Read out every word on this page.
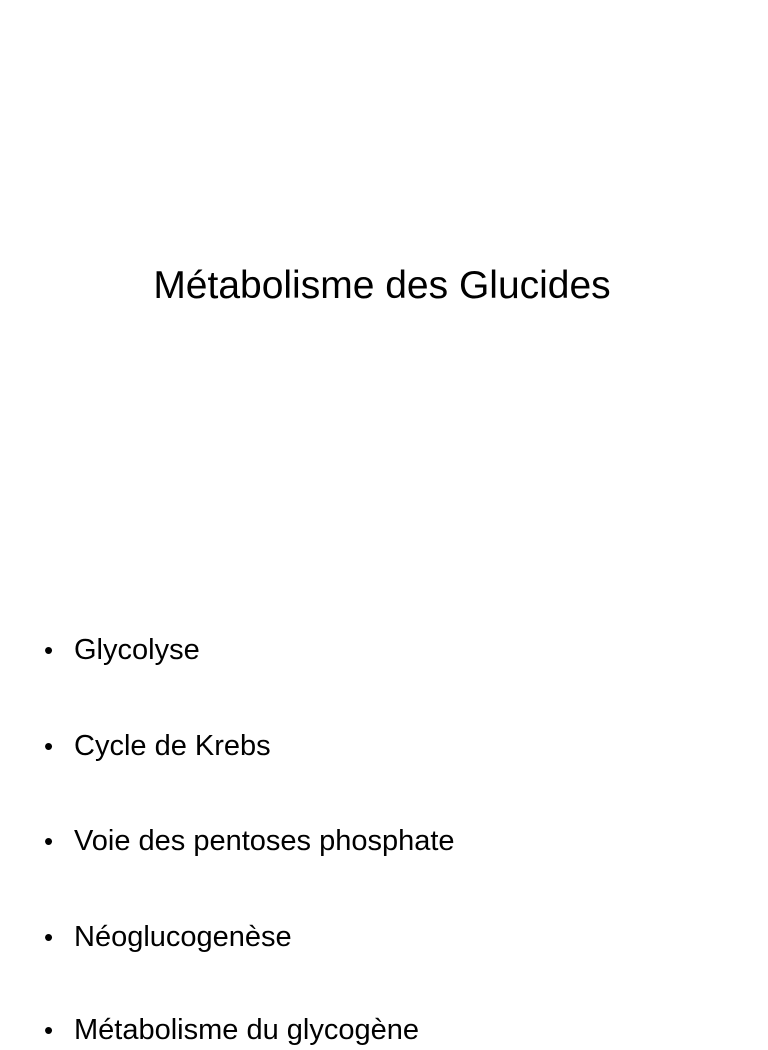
Métabolisme des Glucides
• Glycolyse
• Cycle de Krebs
• Voie des pentoses phosphate
• Néoglucogenèse
• Métabolisme du glycogène
